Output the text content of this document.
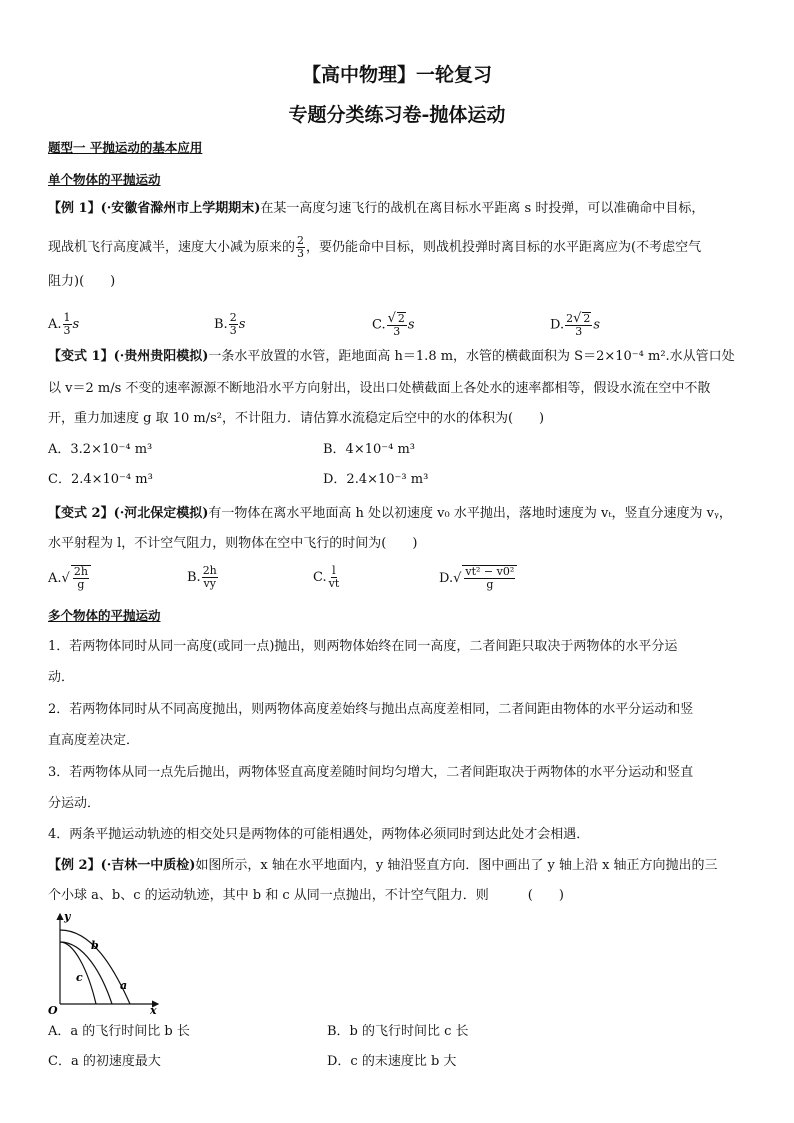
【高中物理】一轮复习
专题分类练习卷-抛体运动
题型一 平抛运动的基本应用
单个物体的平抛运动
【例 1】(·安徽省滁州市上学期期末)在某一高度匀速飞行的战机在离目标水平距离 s 时投弹，可以准确命中目标，
现战机飞行高度减半，速度大小减为原来的 $\frac{2}{3}$ ，要仍能命中目标，则战机投弹时离目标的水平距离应为(不考虑空气
阻力)(　　)
A. $\frac{1}{3}$ s	B. $\frac{2}{3}$ s	C. $\frac{√ 2}{3}$ s	D. $\frac{2√ 2}{3}$ s
【变式 1】(·贵州贵阳模拟)一条水平放置的水管，距地面高 h＝1.8 m，水管的横截面积为 S＝2×10⁻⁴ m².水从管口处
以 v＝2 m/s 不变的速率源源不断地沿水平方向射出，设出口处横截面上各处水的速率都相等，假设水流在空中不散
开，重力加速度 g 取 10 m/s²，不计阻力．请估算水流稳定后空中的水的体积为(　　)
A．3.2×10⁻⁴ m³	B．4×10⁻⁴ m³
C．2.4×10⁻⁴ m³	D．2.4×10⁻³ m³
【变式 2】(·河北保定模拟)有一物体在离水平地面高 h 处以初速度 v₀ 水平抛出，落地时速度为 vₜ，竖直分速度为 vᵧ，
水平射程为 l，不计空气阻力，则物体在空中飞行的时间为(　　)
$A.√ \frac{2h}{g}$	B. $\frac{2h}{vy}$	C. $\frac{l}{vt}$	$D.√ \frac{\text{vt² − v0²}}{g}$
多个物体的平抛运动
1．若两物体同时从同一高度(或同一点)抛出，则两物体始终在同一高度，二者间距只取决于两物体的水平分运
动．
2．若两物体同时从不同高度抛出，则两物体高度差始终与抛出点高度差相同，二者间距由物体的水平分运动和竖
直高度差决定．
3．若两物体从同一点先后抛出，两物体竖直高度差随时间均匀增大，二者间距取决于两物体的水平分运动和竖直
分运动．
4．两条平抛运动轨迹的相交处只是两物体的可能相遇处，两物体必须同时到达此处才会相遇．
【例 2】(·吉林一中质检)如图所示，x 轴在水平地面内，y 轴沿竖直方向．图中画出了 y 轴上沿 x 轴正方向抛出的三
个小球 a、b、c 的运动轨迹，其中 b 和 c 从同一点抛出，不计空气阻力．则　　　(　　)
y
x
O
a
b
c
A．a 的飞行时间比 b 长	B．b 的飞行时间比 c 长
C．a 的初速度最大	D．c 的末速度比 b 大
